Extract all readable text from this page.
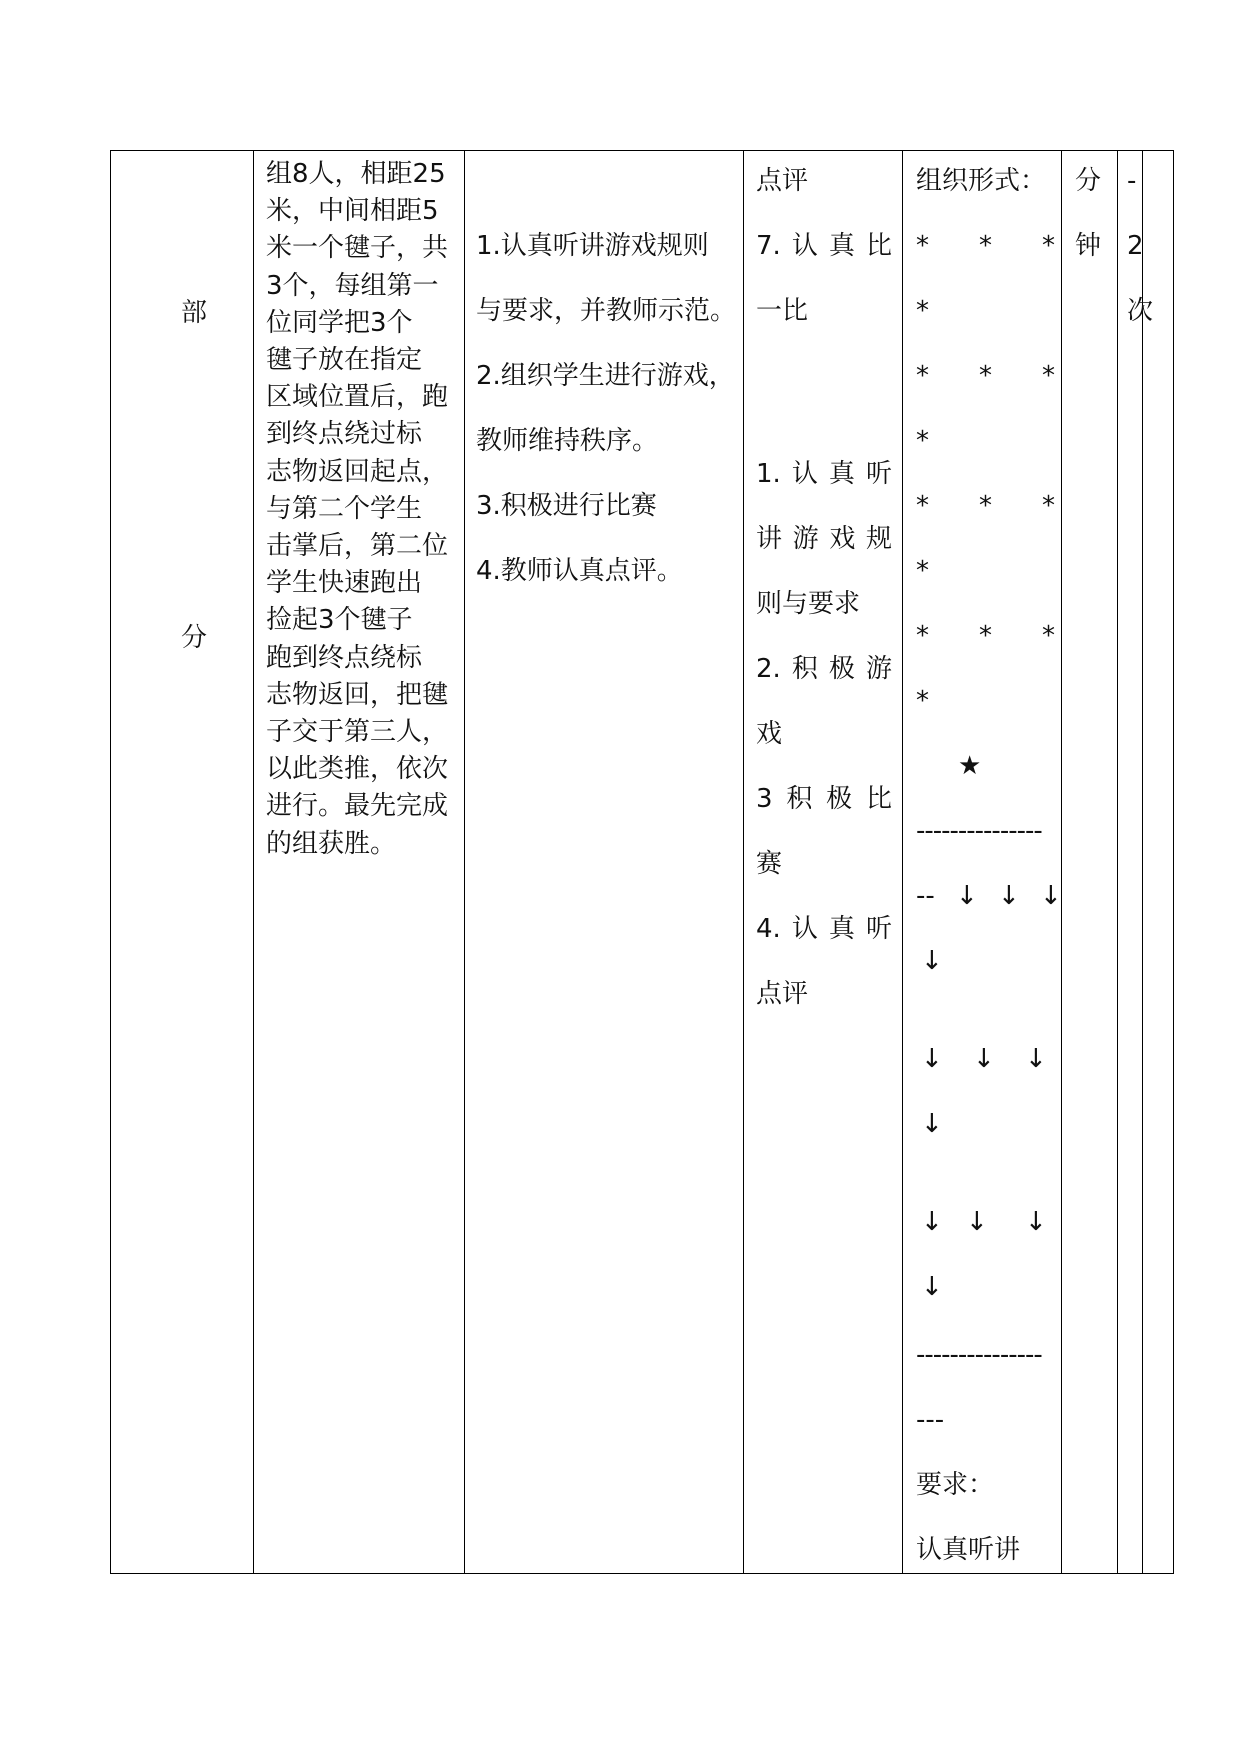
部
分
组8人，相距25
米，中间相距5
米一个毽子，共
3个，每组第一
位同学把3个
毽子放在指定
区域位置后，跑
到终点绕过标
志物返回起点，
与第二个学生
击掌后，第二位
学生快速跑出
捡起3个毽子
跑到终点绕标
志物返回，把毽
子交于第三人，
以此类推，依次
进行。最先完成
的组获胜。
1.认真听讲游戏规则
与要求，并教师示范。
2.组织学生进行游戏，
教师维持秩序。
3.积极进行比赛
4.教师认真点评。
点评
7. 认 真 比
一比
1. 认 真 听
讲 游 戏 规
则与要求
2. 积 极 游
戏
3 积 极 比
赛
4. 认 真 听
点评
组织形式：
* * *
*
* * *
*
* * *
*
* * *
*
★
---------------
-- ↓ ↓ ↓
↓
↓ ↓ ↓
↓
↓ ↓ ↓
↓
---------------
---
要求：
认真听讲
分
钟
-
2
次
